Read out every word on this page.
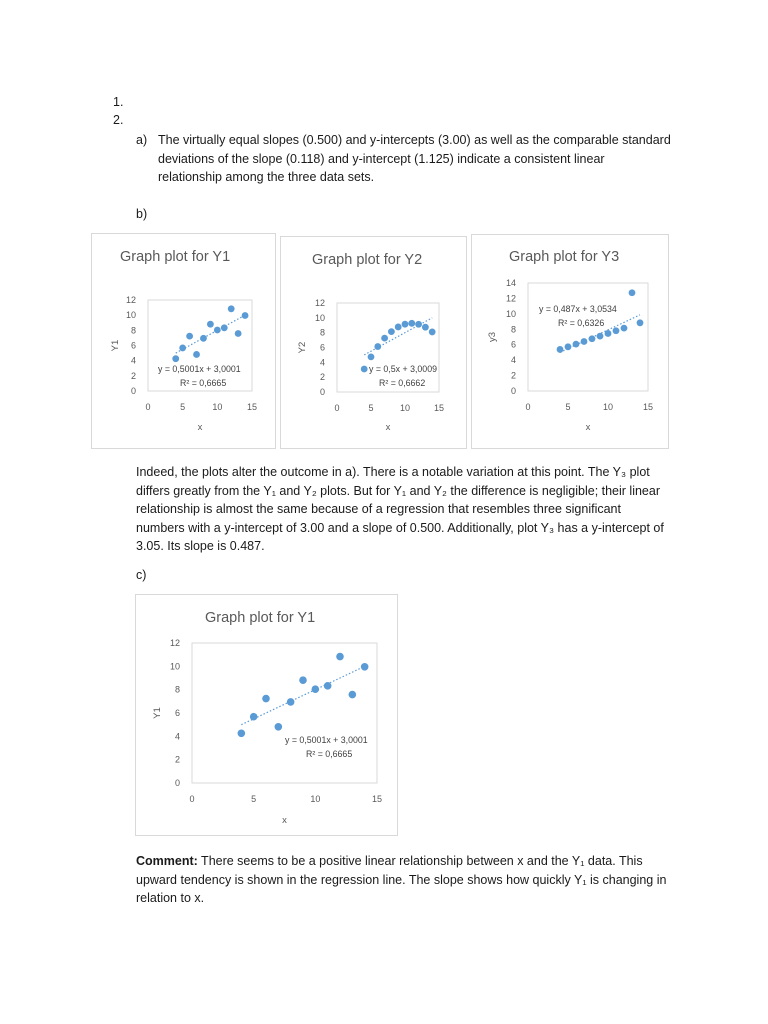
1.
2.
a) The virtually equal slopes (0.500) and y-intercepts (3.00) as well as the comparable standard
deviations of the slope (0.118) and y-intercept (1.125) indicate a consistent linear
relationship among the three data sets.
b)
Graph plot for Y1
0
2
4
6
8
10
12
0	5	10	15
Y1
x
y = 0,5001x + 3,0001
R² = 0,6665
Graph plot for Y2
0
2
4
6
8
10
12
0	5	10	15
Y2
x
y = 0,5x + 3,0009
R² = 0,6662
Graph plot for Y3
0
2
4
6
8
10
12
14
0	5	10	15
y3
x
y = 0,487x + 3,0534
R² = 0,6326
Indeed, the plots alter the outcome in a). There is a notable variation at this point. The Y₃ plot
differs greatly from the Y₁ and Y₂ plots. But for Y₁ and Y₂ the difference is negligible; their linear
relationship is almost the same because of a regression that resembles three significant
numbers with a y-intercept of 3.00 and a slope of 0.500. Additionally, plot Y₃ has a y-intercept of
3.05. Its slope is 0.487.
c)
Graph plot for Y1
0
2
4
6
8
10
12
0	5	10	15
Y1
x
y = 0,5001x + 3,0001
R² = 0,6665
Comment: There seems to be a positive linear relationship between x and the Y₁ data. This
upward tendency is shown in the regression line. The slope shows how quickly Y₁ is changing in
relation to x.
